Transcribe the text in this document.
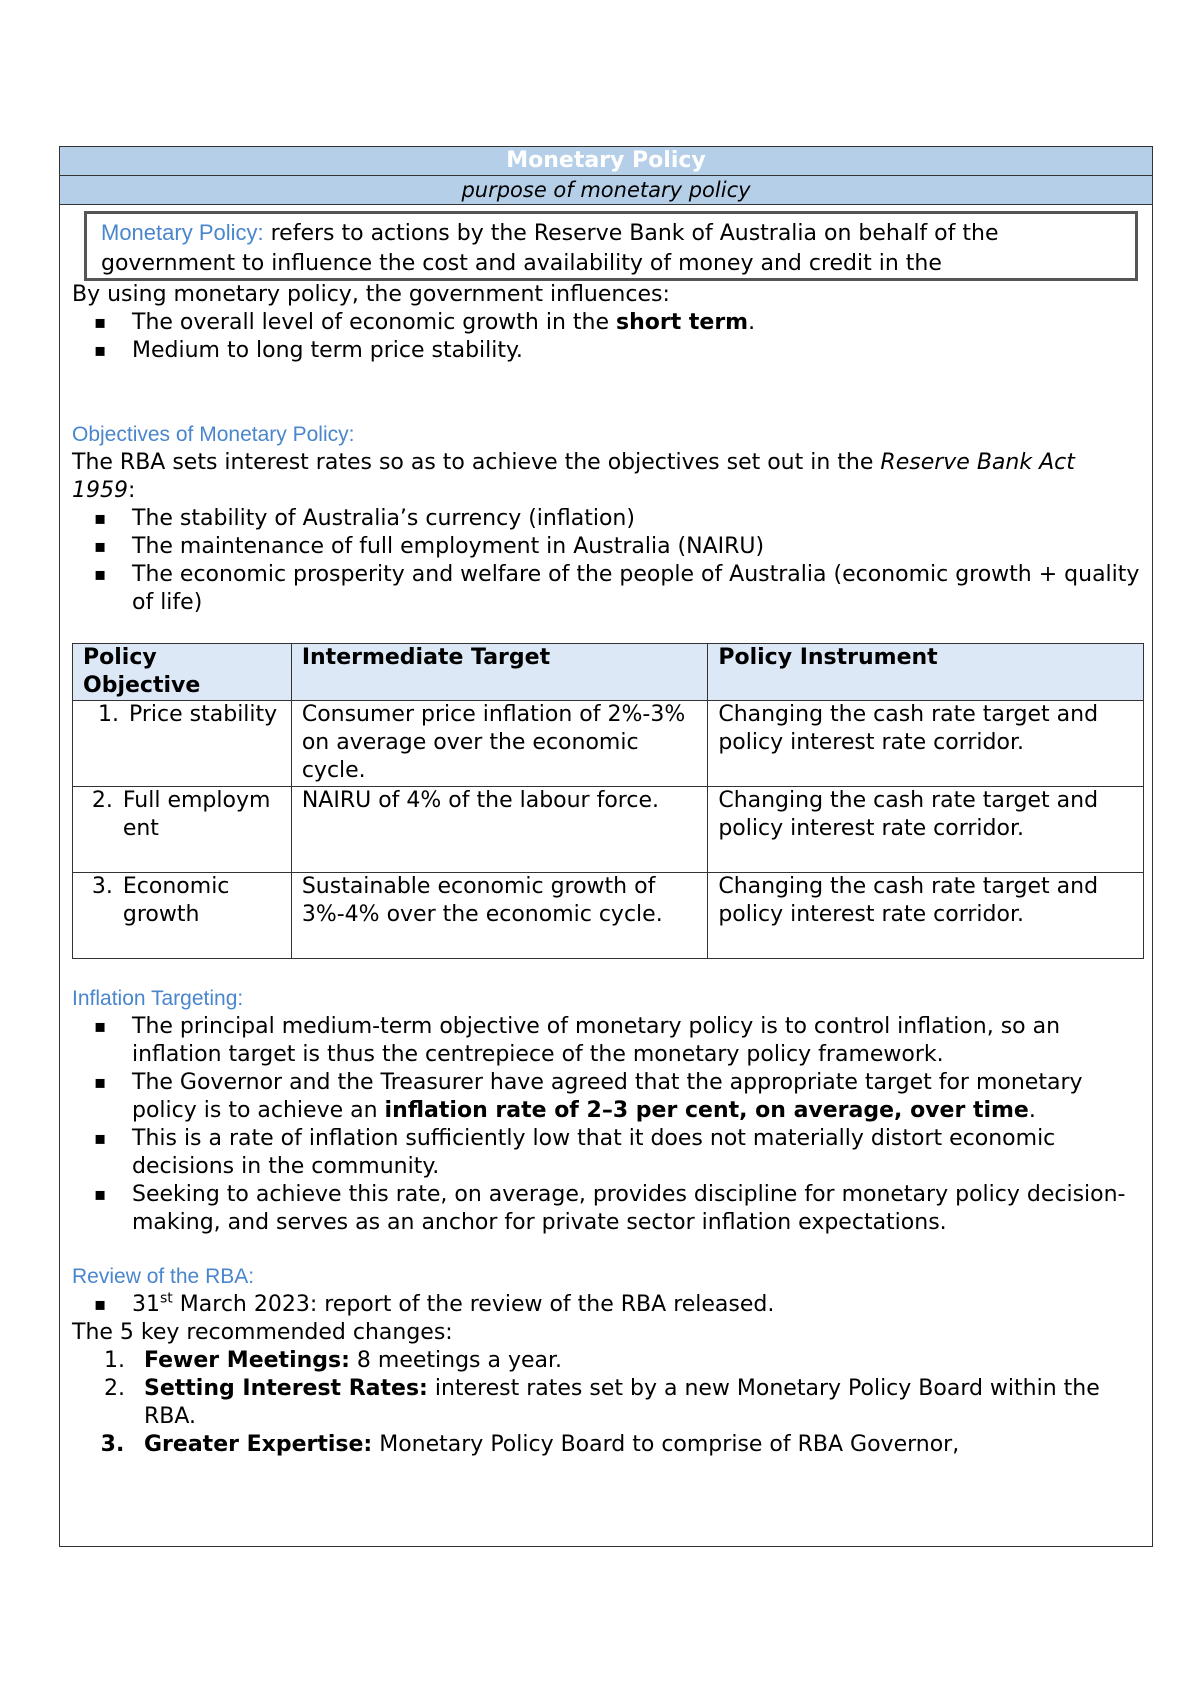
Monetary Policy
purpose of monetary policy
Monetary Policy: refers to actions by the Reserve Bank of Australia on behalf of the government to influence the cost and availability of money and credit in the

By using monetary policy, the government influences:

▪ The overall level of economic growth in the short term.
▪ Medium to long term price stability.

Objectives of Monetary Policy:

The RBA sets interest rates so as to achieve the objectives set out in the Reserve Bank Act 1959:

▪ The stability of Australia’s currency (inflation)
▪ The maintenance of full employment in Australia (NAIRU)
▪ The economic prosperity and welfare of the people of Australia (economic growth + quality of life)
Policy Objective	Intermediate Target	Policy Instrument

1. Price stability	Consumer price inflation of 2%-3% on average over the economic cycle.	Changing the cash rate target and policy interest rate corridor.

2. Full employm ent	NAIRU of 4% of the labour force.	Changing the cash rate target and policy interest rate corridor.

3. Economic growth	Sustainable economic growth of 3%-4% over the economic cycle.	Changing the cash rate target and policy interest rate corridor.

Inflation Targeting:

▪ The principal medium-term objective of monetary policy is to control inflation, so an inflation target is thus the centrepiece of the monetary policy framework.
▪ The Governor and the Treasurer have agreed that the appropriate target for monetary policy is to achieve an inflation rate of 2–3 per cent, on average, over time.
▪ This is a rate of inflation sufficiently low that it does not materially distort economic decisions in the community.
▪ Seeking to achieve this rate, on average, provides discipline for monetary policy decision-making, and serves as an anchor for private sector inflation expectations.

Review of the RBA:

▪ 31st March 2023: report of the review of the RBA released.

The 5 key recommended changes:

1. Fewer Meetings: 8 meetings a year.
2. Setting Interest Rates: interest rates set by a new Monetary Policy Board within the RBA.
3. Greater Expertise: Monetary Policy Board to comprise of RBA Governor,
